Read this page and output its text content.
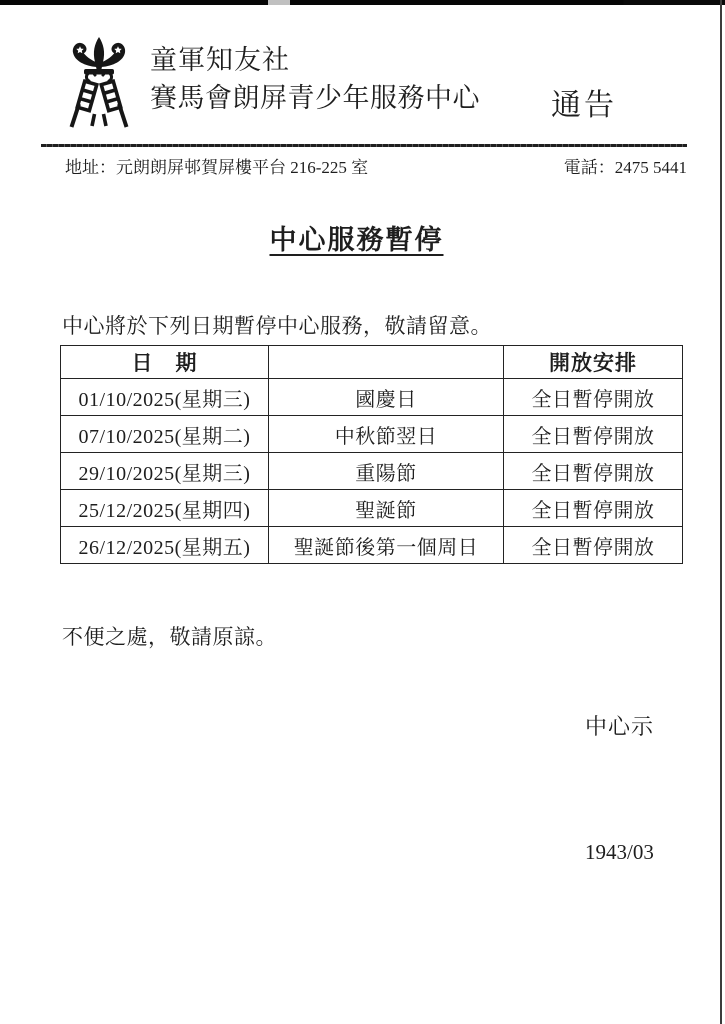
童軍知友社
賽馬會朗屏青少年服務中心 通告
地址：元朗朗屏邨賀屏樓平台 216-225 室	電話：2475 5441
中心服務暫停
中心將於下列日期暫停中心服務，敬請留意。
日　期		開放安排
01/10/2025(星期三)	國慶日	全日暫停開放
07/10/2025(星期二)	中秋節翌日	全日暫停開放
29/10/2025(星期三)	重陽節	全日暫停開放
25/12/2025(星期四)	聖誕節	全日暫停開放
26/12/2025(星期五)	聖誕節後第一個周日	全日暫停開放
不便之處，敬請原諒。
中心示
1943/03
